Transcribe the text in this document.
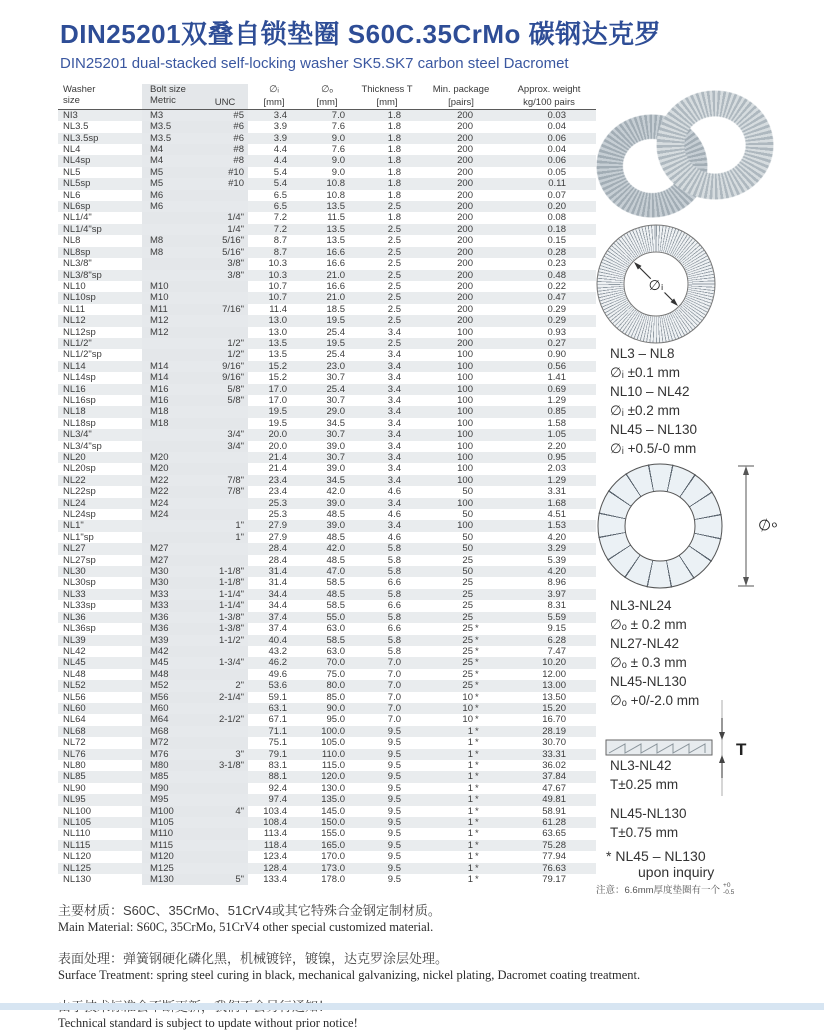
DIN25201双叠自锁垫圈 S60C.35CrMo 碳钢达克罗
DIN25201 dual-stacked self-locking washer SK5.SK7 carbon steel Dacromet
Washer	Bolt size		∅ᵢ	∅ₒ	Thickness T	Min. package	Approx. weight
size	Metric	UNC	[mm]	[mm]	[mm]	[pairs]	kg/100 pairs
NI3	M3	#5	3.4	7.0	1.8	200	0.03
NL3.5	M3.5	#6	3.9	7.6	1.8	200	0.04
NL3.5sp	M3.5	#6	3.9	9.0	1.8	200	0.06
NL4	M4	#8	4.4	7.6	1.8	200	0.04
NL4sp	M4	#8	4.4	9.0	1.8	200	0.06
NL5	M5	#10	5.4	9.0	1.8	200	0.05
NL5sp	M5	#10	5.4	10.8	1.8	200	0.11
NL6	M6		6.5	10.8	1.8	200	0.07
NL6sp	M6		6.5	13.5	2.5	200	0.20
NL1/4"		1/4"	7.2	11.5	1.8	200	0.08
NL1/4"sp		1/4"	7.2	13.5	2.5	200	0.18
NL8	M8	5/16"	8.7	13.5	2.5	200	0.15
NL8sp	M8	5/16"	8.7	16.6	2.5	200	0.28
NL3/8"		3/8"	10.3	16.6	2.5	200	0.23
NL3/8"sp		3/8"	10.3	21.0	2.5	200	0.48
NL10	M10		10.7	16.6	2.5	200	0.22
NL10sp	M10		10.7	21.0	2.5	200	0.47
NL11	M11	7/16"	11.4	18.5	2.5	200	0.29
NL12	M12		13.0	19.5	2.5	200	0.29
NL12sp	M12		13.0	25.4	3.4	100	0.93
NL1/2"		1/2"	13.5	19.5	2.5	200	0.27
NL1/2"sp		1/2"	13.5	25.4	3.4	100	0.90
NL14	M14	9/16"	15.2	23.0	3.4	100	0.56
NL14sp	M14	9/16"	15.2	30.7	3.4	100	1.41
NL16	M16	5/8"	17.0	25.4	3.4	100	0.69
NL16sp	M16	5/8"	17.0	30.7	3.4	100	1.29
NL18	M18		19.5	29.0	3.4	100	0.85
NL18sp	M18		19.5	34.5	3.4	100	1.58
NL3/4"		3/4"	20.0	30.7	3.4	100	1.05
NL3/4"sp		3/4"	20.0	39.0	3.4	100	2.20
NL20	M20		21.4	30.7	3.4	100	0.95
NL20sp	M20		21.4	39.0	3.4	100	2.03
NL22	M22	7/8"	23.4	34.5	3.4	100	1.29
NL22sp	M22	7/8"	23.4	42.0	4.6	50	3.31
NL24	M24		25.3	39.0	3.4	100	1.68
NL24sp	M24		25.3	48.5	4.6	50	4.51
NL1"		1"	27.9	39.0	3.4	100	1.53
NL1"sp		1"	27.9	48.5	4.6	50	4.20
NL27	M27		28.4	42.0	5.8	50	3.29
NL27sp	M27		28.4	48.5	5.8	25	5.39
NL30	M30	1-1/8"	31.4	47.0	5.8	50	4.20
NL30sp	M30	1-1/8"	31.4	58.5	6.6	25	8.96
NL33	M33	1-1/4"	34.4	48.5	5.8	25	3.97
NL33sp	M33	1-1/4"	34.4	58.5	6.6	25	8.31
NL36	M36	1-3/8"	37.4	55.0	5.8	25	5.59
NL36sp	M36	1-3/8"	37.4	63.0	6.6	25 *	9.15
NL39	M39	1-1/2"	40.4	58.5	5.8	25 *	6.28
NL42	M42		43.2	63.0	5.8	25 *	7.47
NL45	M45	1-3/4"	46.2	70.0	7.0	25 *	10.20
NL48	M48		49.6	75.0	7.0	25 *	12.00
NL52	M52	2"	53.6	80.0	7.0	25 *	13.00
NL56	M56	2-1/4"	59.1	85.0	7.0	10 *	13.50
NL60	M60		63.1	90.0	7.0	10 *	15.20
NL64	M64	2-1/2"	67.1	95.0	7.0	10 *	16.70
NL68	M68		71.1	100.0	9.5	1 *	28.19
NL72	M72		75.1	105.0	9.5	1 *	30.70
NL76	M76	3"	79.1	110.0	9.5	1 *	33.31
NL80	M80	3-1/8"	83.1	115.0	9.5	1 *	36.02
NL85	M85		88.1	120.0	9.5	1 *	37.84
NL90	M90		92.4	130.0	9.5	1 *	47.67
NL95	M95		97.4	135.0	9.5	1 *	49.81
NL100	M100	4"	103.4	145.0	9.5	1 *	58.91
NL105	M105		108.4	150.0	9.5	1 *	61.28
NL110	M110		113.4	155.0	9.5	1 *	63.65
NL115	M115		118.4	165.0	9.5	1 *	75.28
NL120	M120		123.4	170.0	9.5	1 *	77.94
NL125	M125		128.4	173.0	9.5	1 *	76.63
NL130	M130	5"	133.4	178.0	9.5	1 *	79.17
∅ᵢ
NL3 – NL8
∅ᵢ ±0.1 mm
NL10 – NL42
∅ᵢ ±0.2 mm
NL45 – NL130
∅ᵢ +0.5/-0 mm
∅ₒ
NL3-NL24
∅ₒ ± 0.2 mm
NL27-NL42
∅ₒ ± 0.3 mm
NL45-NL130
∅ₒ +0/-2.0 mm
T
NL3-NL42
T±0.25 mm
NL45-NL130
T±0.75 mm
* NL45 – NL130
upon inquiry
注意：6.6mm厚度垫圈有一个 +0
-0.5
主要材质：S60C、35CrMo、51CrV4或其它特殊合金钢定制材质。
Main Material: S60C, 35CrMo, 51CrV4 other special customized material.
表面处理：弹簧钢硬化磷化黑，机械镀锌，镀镍，达克罗涂层处理。
Surface Treatment: spring steel curing in black, mechanical galvanizing, nickel plating, Dacromet coating treatment.
Technical standard is subject to update without prior notice!
